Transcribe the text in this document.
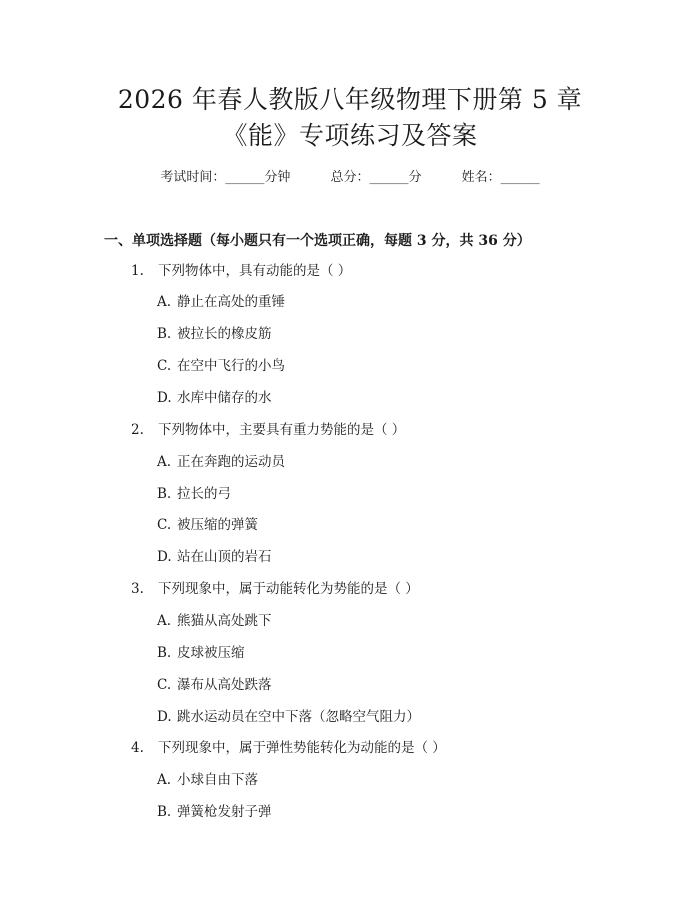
2026 年春人教版八年级物理下册第 5 章
《能》专项练习及答案
考试时间：______分钟	总分：______分	姓名：______
一、单项选择题（每小题只有一个选项正确，每题 3 分，共 36 分）
1. 下列物体中，具有动能的是（ ）
A. 静止在高处的重锤
B. 被拉长的橡皮筋
C. 在空中飞行的小鸟
D. 水库中储存的水
2. 下列物体中，主要具有重力势能的是（ ）
A. 正在奔跑的运动员
B. 拉长的弓
C. 被压缩的弹簧
D. 站在山顶的岩石
3. 下列现象中，属于动能转化为势能的是（ ）
A. 熊猫从高处跳下
B. 皮球被压缩
C. 瀑布从高处跌落
D. 跳水运动员在空中下落（忽略空气阻力）
4. 下列现象中，属于弹性势能转化为动能的是（ ）
A. 小球自由下落
B. 弹簧枪发射子弹
